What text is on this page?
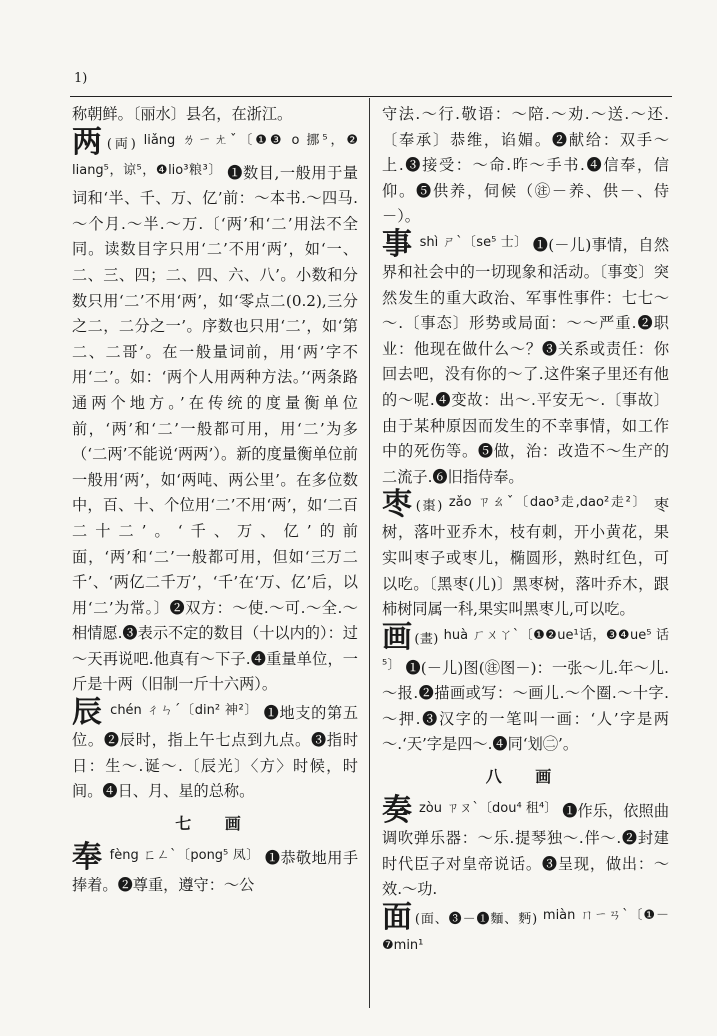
1)

称朝鲜。〔丽水〕县名，在浙江。

两 (両) liǎng ㄌㄧㄤˇ〔❶❸ o 挪⁵，❷ liang⁵，谅⁵，❹lio³粮³〕 ❶数目,一般用于量词和‘半、千、万、亿’前：～本书.～四马.～个月.～半.～万.〔‘两’和‘二’用法不全同。读数目字只用‘二’不用‘两’，如‘一、二、三、四；二、四、六、八’。小数和分数只用‘二’不用‘两’，如‘零点二(0.2),三分之二，二分之一’。序数也只用‘二’，如‘第二、二哥’。在一般量词前，用‘两’字不用‘二’。如：‘两个人用两种方法。’‘两条路通两个地方。’在传统的度量衡单位前，‘两’和‘二’一般都可用，用‘二’为多（‘二两’不能说‘两两’）。新的度量衡单位前一般用‘两’，如‘两吨、两公里’。在多位数中，百、十、个位用‘二’不用‘两’，如‘二百二十二’。‘千、万、亿’的前面，‘两’和‘二’一般都可用，但如‘三万二千’、‘两亿二千万’，‘千’在‘万、亿’后，以用‘二’为常。〕❷双方：～使.～可.～全.～相情愿.❸表示不定的数目（十以内的）：过～天再说吧.他真有～下子.❹重量单位，一斤是十两（旧制一斤十六两）。

辰 chén ㄔㄣˊ〔din² 神²〕 ❶地支的第五位。❷辰时，指上午七点到九点。❸指时日：生～.诞～.〔辰光〕〈方〉时候，时间。❹日、月、星的总称。

七 画

奉 fèng ㄈㄥˋ〔pong⁵ 凤〕 ❶恭敬地用手捧着。❷尊重，遵守：～公

守法.～行.敬语：～陪.～劝.～送.～还.〔奉承〕恭维，谄媚。❷献给：双手～上.❸接受：～命.昨～手书.❹信奉，信仰。❺供养，伺候（㊟－养、供－、侍－）。

事 shì ㄕˋ〔se⁵ 士〕 ❶(－儿)事情，自然界和社会中的一切现象和活动。〔事变〕突然发生的重大政治、军事性事件：七七～～.〔事态〕形势或局面：～～严重.❷职业：他现在做什么～？❸关系或责任：你回去吧，没有你的～了.这件案子里还有他的～呢.❹变故：出～.平安无～.〔事故〕由于某种原因而发生的不幸事情，如工作中的死伤等。❺做，治：改造不～生产的二流子.❻旧指侍奉。

枣 (棗) zǎo ㄗㄠˇ〔dao³走,dao²走²〕 枣树，落叶亚乔木，枝有刺，开小黄花，果实叫枣子或枣儿，椭圆形，熟时红色，可以吃。〔黑枣(儿)〕黑枣树，落叶乔木，跟柿树同属一科,果实叫黑枣儿,可以吃。

画 (畫) huà ㄏㄨㄚˋ〔❶❷ue¹话，❸❹ue⁵ 话⁵〕 ❶(－儿)图(㊟图－)：一张～儿.年～儿.～报.❷描画或写：～画儿.～个圈.～十字.～押.❸汉字的一笔叫一画：‘人’字是两～.‘天’字是四～.❹同‘划㊁’。

八 画

奏 zòu ㄗㄡˋ〔dou⁴ 租⁴〕 ❶作乐，依照曲调吹弹乐器：～乐.提琴独～.伴～.❷封建时代臣子对皇帝说话。❸呈现，做出：～效.～功.

面 (面、❸－❶麵、麪) miàn ㄇㄧㄢˋ〔❶－❼min¹
